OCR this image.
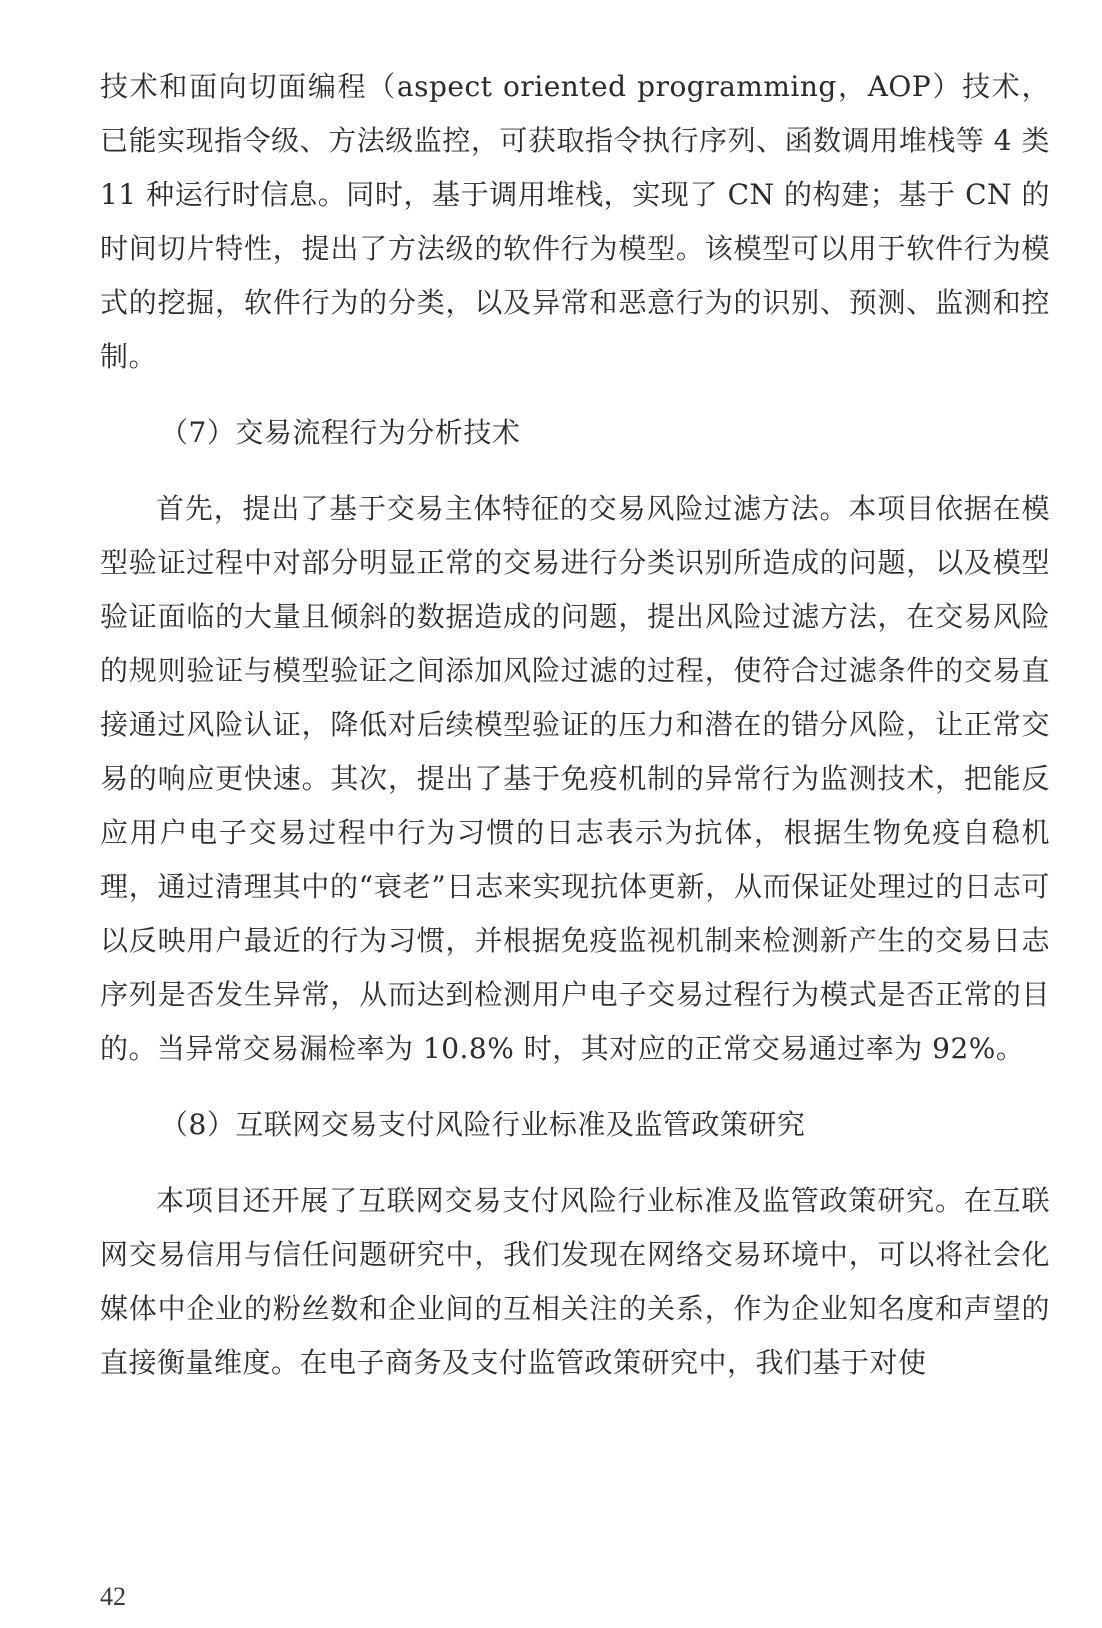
技术和面向切面编程（aspect oriented programming，AOP）技术，已能实现指令级、方法级监控，可获取指令执行序列、函数调用堆栈等 4 类 11 种运行时信息。同时，基于调用堆栈，实现了 CN 的构建；基于 CN 的时间切片特性，提出了方法级的软件行为模型。该模型可以用于软件行为模式的挖掘，软件行为的分类，以及异常和恶意行为的识别、预测、监测和控制。

（7）交易流程行为分析技术

首先，提出了基于交易主体特征的交易风险过滤方法。本项目依据在模型验证过程中对部分明显正常的交易进行分类识别所造成的问题，以及模型验证面临的大量且倾斜的数据造成的问题，提出风险过滤方法，在交易风险的规则验证与模型验证之间添加风险过滤的过程，使符合过滤条件的交易直接通过风险认证，降低对后续模型验证的压力和潜在的错分风险，让正常交易的响应更快速。其次，提出了基于免疫机制的异常行为监测技术，把能反应用户电子交易过程中行为习惯的日志表示为抗体，根据生物免疫自稳机理，通过清理其中的“衰老”日志来实现抗体更新，从而保证处理过的日志可以反映用户最近的行为习惯，并根据免疫监视机制来检测新产生的交易日志序列是否发生异常，从而达到检测用户电子交易过程行为模式是否正常的目的。当异常交易漏检率为 10.8% 时，其对应的正常交易通过率为 92%。

（8）互联网交易支付风险行业标准及监管政策研究

本项目还开展了互联网交易支付风险行业标准及监管政策研究。在互联网交易信用与信任问题研究中，我们发现在网络交易环境中，可以将社会化媒体中企业的粉丝数和企业间的互相关注的关系，作为企业知名度和声望的直接衡量维度。在电子商务及支付监管政策研究中，我们基于对使

42
